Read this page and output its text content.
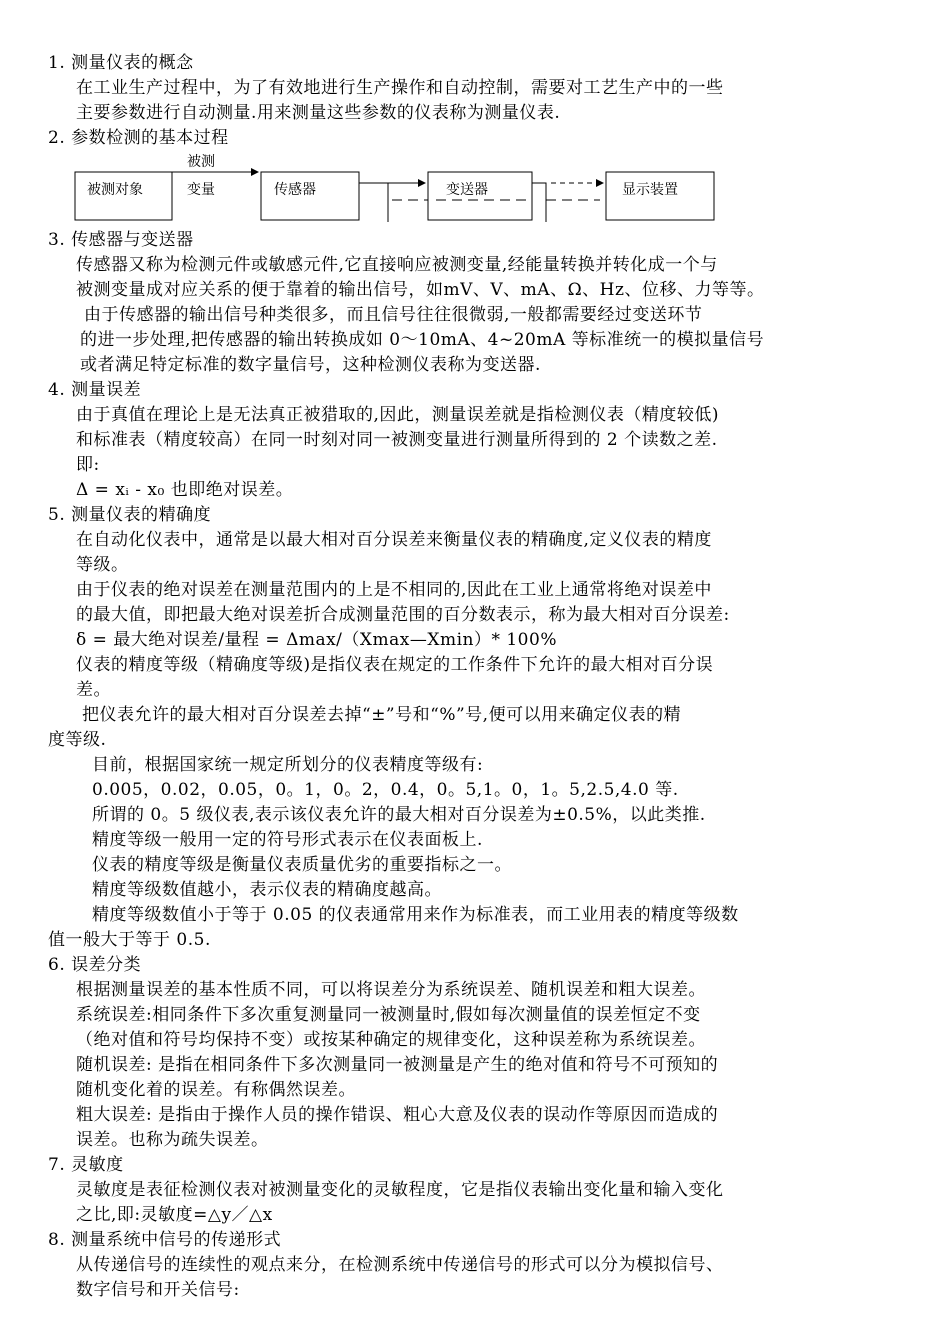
1. 测量仪表的概念
在工业生产过程中，为了有效地进行生产操作和自动控制，需要对工艺生产中的一些
主要参数进行自动测量.用来测量这些参数的仪表称为测量仪表.
2. 参数检测的基本过程
被测
被测对象	变量	传感器	变送器	显示装置
3. 传感器与变送器
传感器又称为检测元件或敏感元件,它直接响应被测变量,经能量转换并转化成一个与
被测变量成对应关系的便于靠着的输出信号，如mV、V、mA、Ω、Hz、位移、力等等。
由于传感器的输出信号种类很多，而且信号往往很微弱,一般都需要经过变送环节
的进一步处理,把传感器的输出转换成如 0～10mA、4~20mA 等标准统一的模拟量信号
或者满足特定标准的数字量信号，这种检测仪表称为变送器.
4. 测量误差
由于真值在理论上是无法真正被猎取的,因此，测量误差就是指检测仪表（精度较低)
和标准表（精度较高）在同一时刻对同一被测变量进行测量所得到的 2 个读数之差.
即:
Δ = xᵢ - x₀ 也即绝对误差。
5. 测量仪表的精确度
在自动化仪表中，通常是以最大相对百分误差来衡量仪表的精确度,定义仪表的精度
等级。
由于仪表的绝对误差在测量范围内的上是不相同的,因此在工业上通常将绝对误差中
的最大值，即把最大绝对误差折合成测量范围的百分数表示，称为最大相对百分误差:
δ = 最大绝对误差/量程 = Δmax/（Xmax—Xmin）* 100%
仪表的精度等级（精确度等级)是指仪表在规定的工作条件下允许的最大相对百分误
差。
把仪表允许的最大相对百分误差去掉“±”号和“%”号,便可以用来确定仪表的精
度等级.
目前，根据国家统一规定所划分的仪表精度等级有:
0.005，0.02，0.05，0。1，0。2，0.4，0。5,1。0，1。5,2.5,4.0 等.
所谓的 0。5 级仪表,表示该仪表允许的最大相对百分误差为±0.5%，以此类推.
精度等级一般用一定的符号形式表示在仪表面板上.
仪表的精度等级是衡量仪表质量优劣的重要指标之一。
精度等级数值越小，表示仪表的精确度越高。
精度等级数值小于等于 0.05 的仪表通常用来作为标准表，而工业用表的精度等级数
值一般大于等于 0.5.
6. 误差分类
根据测量误差的基本性质不同，可以将误差分为系统误差、随机误差和粗大误差。
系统误差:相同条件下多次重复测量同一被测量时,假如每次测量值的误差恒定不变
（绝对值和符号均保持不变）或按某种确定的规律变化，这种误差称为系统误差。
随机误差: 是指在相同条件下多次测量同一被测量是产生的绝对值和符号不可预知的
随机变化着的误差。有称偶然误差。
粗大误差: 是指由于操作人员的操作错误、粗心大意及仪表的误动作等原因而造成的
误差。也称为疏失误差。
7. 灵敏度
灵敏度是表征检测仪表对被测量变化的灵敏程度，它是指仪表输出变化量和输入变化
之比,即:灵敏度=△y／△x
8. 测量系统中信号的传递形式
从传递信号的连续性的观点来分，在检测系统中传递信号的形式可以分为模拟信号、
数字信号和开关信号:
